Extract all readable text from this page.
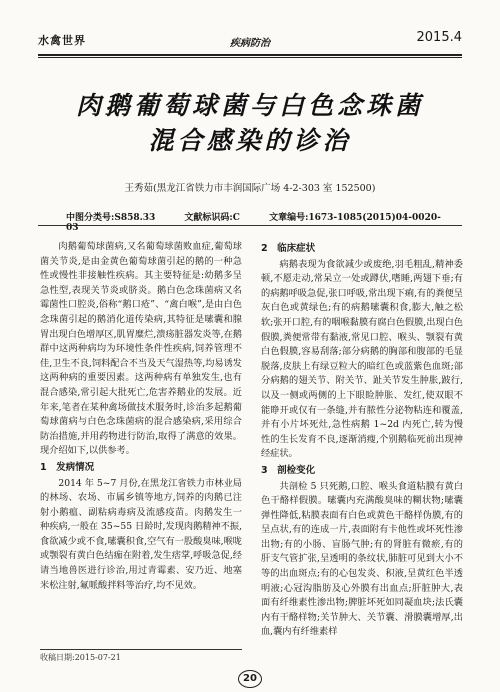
水禽世界	疾病防治	2015.4
肉鹅葡萄球菌与白色念珠菌
混合感染的诊治
王秀茹(黑龙江省铁力市丰润国际广场 4-2-303 室 152500)
中图分类号:S858.33	文献标识码:C	文章编号:1673-1085(2015)04-0020-03

肉鹅葡萄球菌病,又名葡萄球菌败血症,葡萄球菌关节炎,是由金黄色葡萄球菌引起的鹅的一种急性或慢性非接触性疾病。其主要特征是:幼鹅多呈急性型,表现关节炎或脐炎。鹅白色念珠菌病又名霉菌性口腔炎,俗称“鹅口疮”、“禽白喉”,是由白色念珠菌引起的鹅消化道传染病,其特征是嗉囊和腺胃出现白色增厚区,肌胃糜烂,溃疡脏器发炎等,在鹅群中这两种病均为环境性条件性疾病,饲养管理不佳,卫生不良,饲料配合不当及天气湿热等,均易诱发这两种病的重要因素。这两种病有单独发生,也有混合感染,常引起大批死亡,危害养鹅业的发展。近年来,笔者在某种禽场做技术服务时,诊治多起鹅葡萄球菌病与白色念珠菌病的混合感染病,采用综合防治措施,并用药物进行防治,取得了满意的效果。现介绍如下,以供参考。

1　发病情况

2014 年 5~7 月份,在黑龙江省铁力市林业局的林场、农场、市属乡镇等地方,饲养的肉鹅已注射小鹅瘟、副粘病毒病及流感疫苗。肉鹅发生一种疾病,一般在 35~55 日龄时,发现肉鹅精神不振,食欲减少或不食,嗉囊积食,空气有一股酸臭味,喉咙或颚裂有黄白色结痂在附着,发生痞掌,呼吸急促,经请当地兽医进行诊治,用过青霉素、安乃近、地塞米松注射,氟哌酸拌料等治疗,均不见效。

2　临床症状

病鹅表现为食欲减少或废绝,羽毛粗乱,精神委顿,不愿走动,常呆立一处或蹲伏,嗜睡,两翅下垂;有的病鹅呼吸急促,张口呼吸,常出现下痢,有的粪便呈灰白色或黄绿色;有的病鹅嗉囊积食,膨大,触之松软;张开口腔,有的咽喉黏膜有腐白色假膜,出现白色假膜,粪便常带有黏液,常见口腔、喉头、颚裂有黄白色假膜,容易刮落;部分病鹅的胸部和腹部的毛显脱落,皮肤上有绿豆粒大的暗红色或蓝紫色血斑;部分病鹅的翅关节、附关节、趾关节发生肿胀,跛行,以及一侧或两侧的上下眼睑肿胀、发红,使双眼不能睁开或仅有一条缝,并有脓性分泌物粘连和覆盖,并有小片坏死灶,急性病鹅 1~2d 内死亡,转为慢性的生长发育不良,逐渐消瘦,个别鹅临死前出现神经症状。

3　剖检变化

共剖检 5 只死鹅,口腔、喉头食道粘膜有黄白色干酪样假膜。嗉囊内充满酸臭味的糊状物;嗉囊弹性降低,粘膜表面有白色或黄色干酪样伪膜,有的呈点状,有的连成一片,表面附有卡他性或坏死性渗出物;有的小肠、盲肠气肿;有的肾脏有微瘀,有的肝支气管扩张,呈透明的条纹状,肺脏可见到大小不等的出血斑点;有的心包发炎、积液,呈黄红色半透明液;心冠沟脂肪及心外膜有出血点;肝脏肿大,表面有纤维素性渗出物;脾脏坏死如同凝血块;法氏囊内有干酪样物;关节肿大、关节囊、滑膜囊增厚,出血,囊内有纤维素样

收稿日期:2015-07-21
20
